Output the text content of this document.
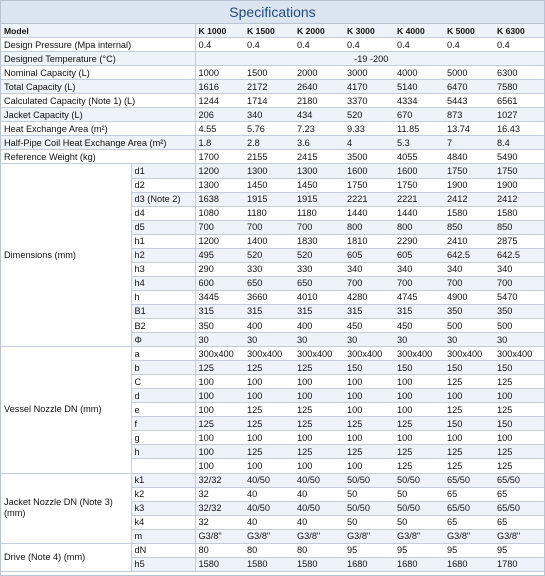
Specifications
Model		K 1000	K 1500	K 2000	K 3000	K 4000	K 5000	K 6300
Design Pressure (Mpa internal)		0.4	0.4	0.4	0.4	0.4	0.4	0.4
Designed Temperature (°C)		-19 -200						
Nominal Capacity (L)		1000	1500	2000	3000	4000	5000	6300
Total Capacity (L)		1616	2172	2640	4170	5140	6470	7580
Calculated Capacity (Note 1) (L)		1244	1714	2180	3370	4334	5443	6561
Jacket Capacity (L)		206	340	434	520	670	873	1027
Heat Exchange Area (m²)		4.55	5.76	7.23	9.33	11.85	13.74	16.43
Half-Pipe Coil Heat Exchange Area (m²)		1.8	2.8	3.6	4	5.3	7	8.4
Reference Weight (kg)		1700	2155	2415	3500	4055	4840	5490
Dimensions (mm)	d1	1200	1300	1300	1600	1600	1750	1750
	d2	1300	1450	1450	1750	1750	1900	1900
	d3 (Note 2)	1638	1915	1915	2221	2221	2412	2412
	d4	1080	1180	1180	1440	1440	1580	1580
	d5	700	700	700	800	800	850	850
	h1	1200	1400	1830	1810	2290	2410	2875
	h2	495	520	520	605	605	642.5	642.5
	h3	290	330	330	340	340	340	340
	h4	600	650	650	700	700	700	700
	h	3445	3660	4010	4280	4745	4900	5470
	B1	315	315	315	315	315	350	350
	B2	350	400	400	450	450	500	500
	Φ	30	30	30	30	30	30	30
Vessel Nozzle DN (mm)	a	300x400	300x400	300x400	300x400	300x400	300x400	300x400
	b	125	125	125	150	150	150	150
	C	100	100	100	100	100	125	125
	d	100	100	100	100	100	100	100
	e	100	125	125	100	100	125	125
	f	125	125	125	125	125	150	150
	g	100	100	100	100	100	100	100
	h	100	125	125	125	125	125	125
		100	100	100	100	125	125	125
Jacket Nozzle DN (Note 3) (mm)	k1	32/32	40/50	40/50	50/50	50/50	65/50	65/50
	k2	32	40	40	50	50	65	65
	k3	32/32	40/50	40/50	50/50	50/50	65/50	65/50
	k4	32	40	40	50	50	65	65
	m	G3/8"	G3/8"	G3/8"	G3/8"	G3/8"	G3/8"	G3/8"
Drive (Note 4) (mm)	dN	80	80	80	95	95	95	95
	h5	1580	1580	1580	1680	1680	1680	1780
